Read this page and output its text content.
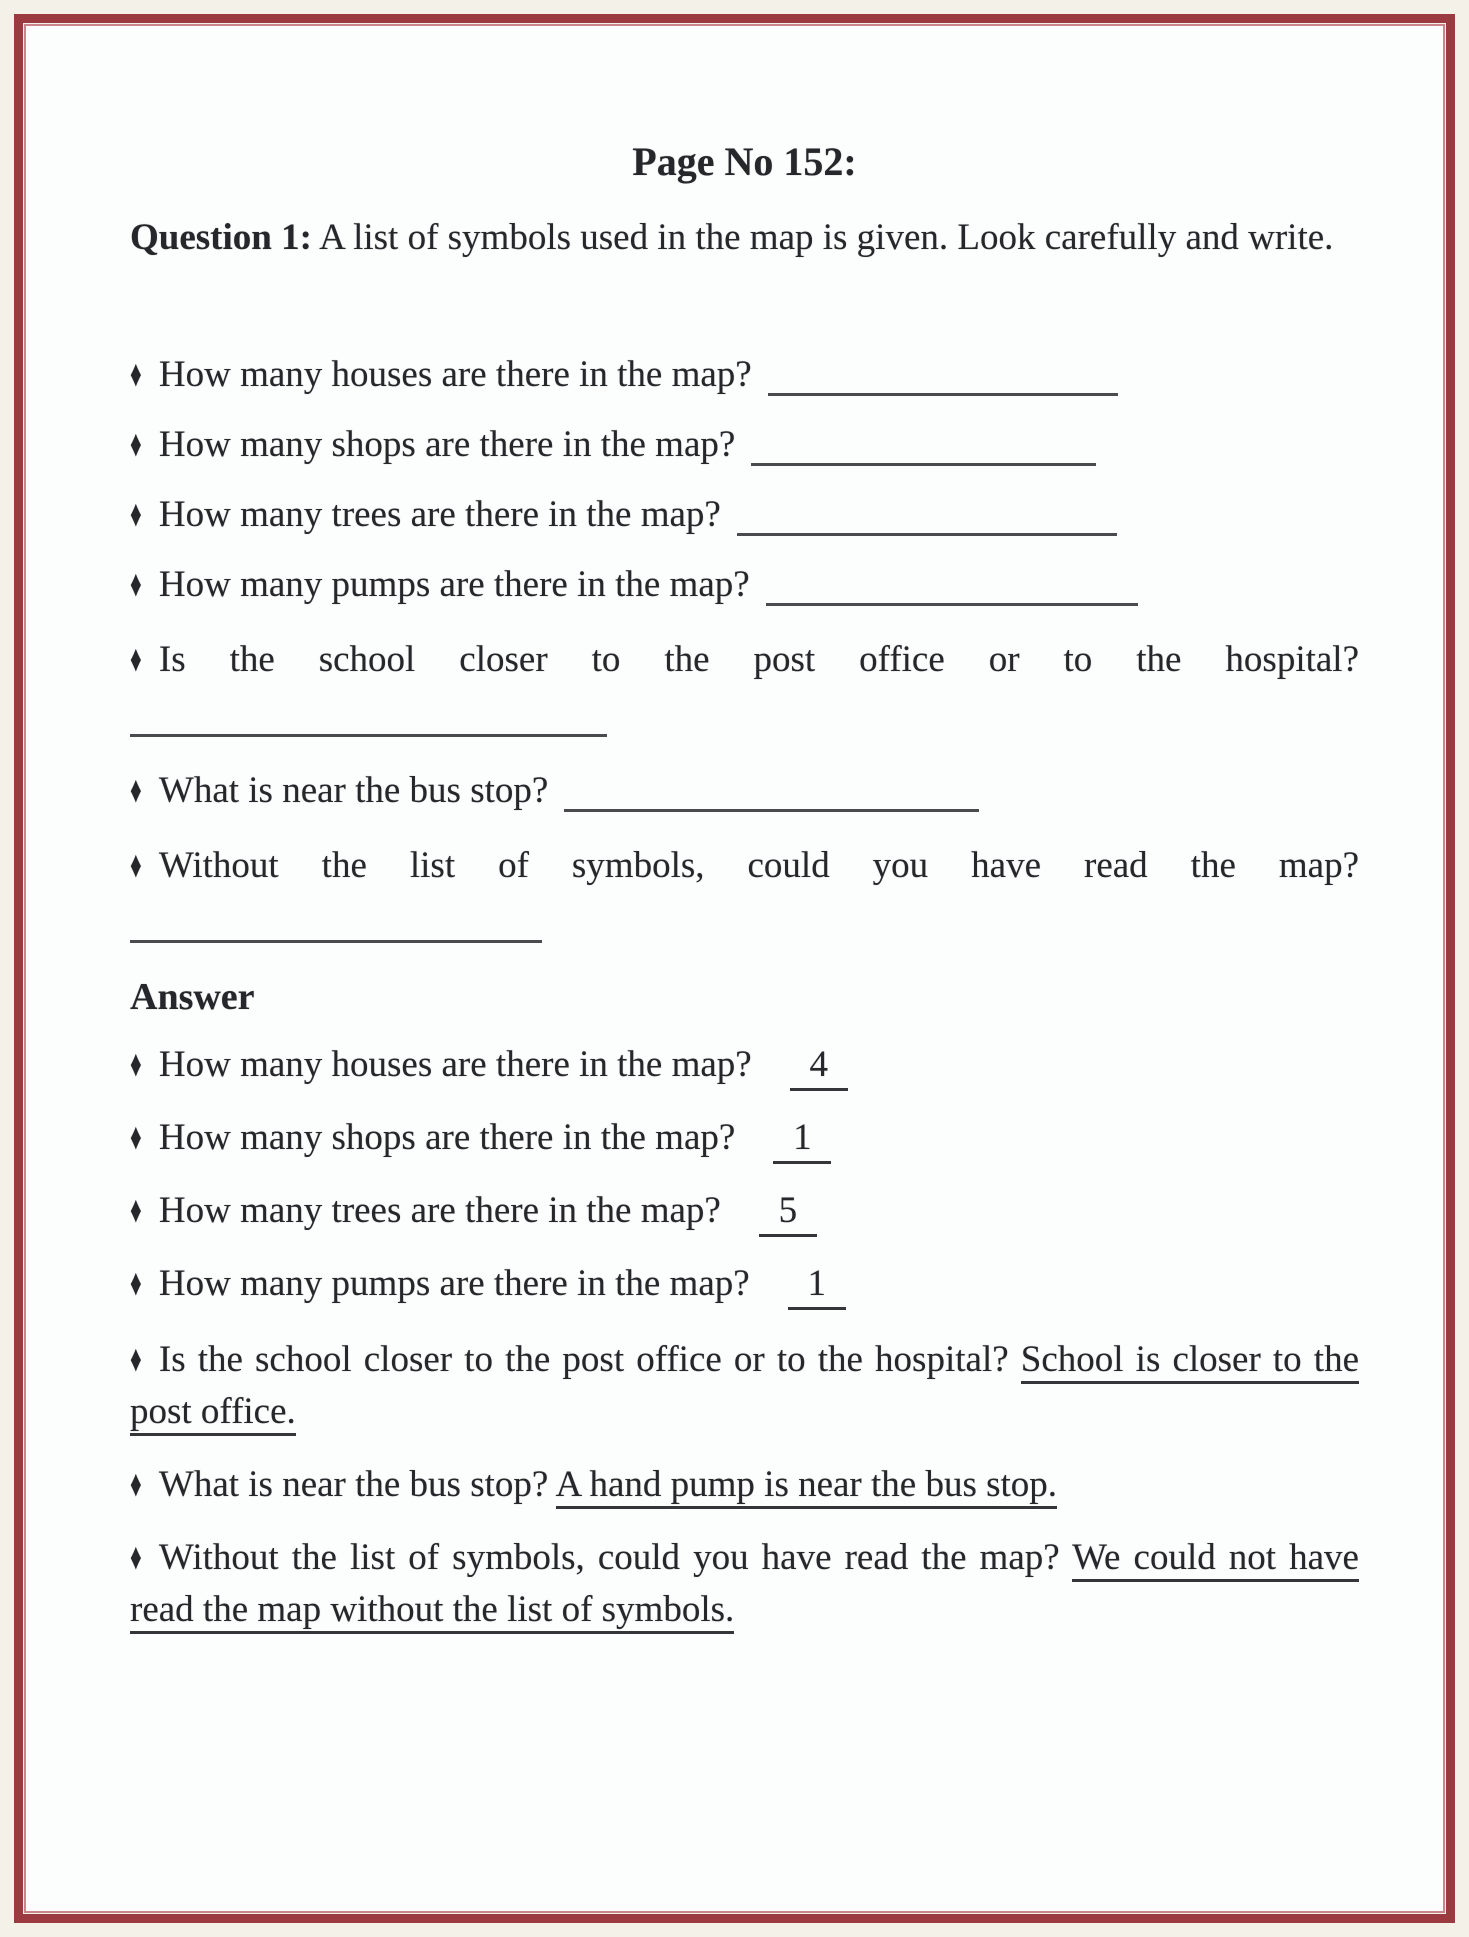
Page No 152:

Question 1: A list of symbols used in the map is given. Look carefully and write.

♦ How many houses are there in the map?

♦ How many shops are there in the map?

♦ How many trees are there in the map?

♦ How many pumps are there in the map?

♦ Is the school closer to the post office or to the hospital?

♦ What is near the bus stop?

♦ Without the list of symbols, could you have read the map?

Answer

♦ How many houses are there in the map? 4

♦ How many shops are there in the map? 1

♦ How many trees are there in the map? 5

♦ How many pumps are there in the map? 1

♦ Is the school closer to the post office or to the hospital? School is closer to the post office.

♦ What is near the bus stop? A hand pump is near the bus stop.

♦ Without the list of symbols, could you have read the map? We could not have read the map without the list of symbols.
